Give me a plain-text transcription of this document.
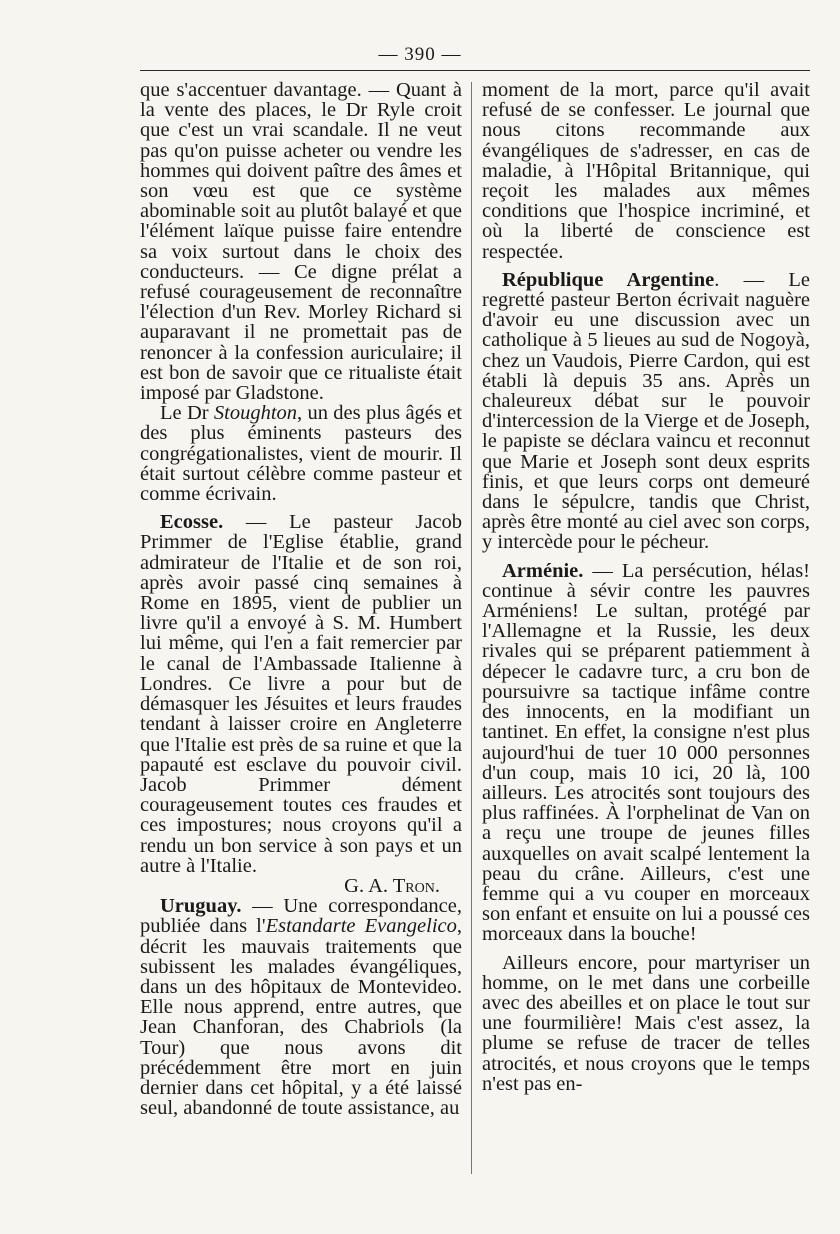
— 390 —

que s'accentuer davantage. — Quant à la vente des places, le Dr Ryle croit que c'est un vrai scandale. Il ne veut pas qu'on puisse acheter ou vendre les hommes qui doivent paître des âmes et son vœu est que ce système abominable soit au plutôt balayé et que l'élément laïque puisse faire entendre sa voix surtout dans le choix des conducteurs. — Ce digne prélat a refusé courageusement de reconnaître l'élection d'un Rev. Morley Richard si auparavant il ne promettait pas de renoncer à la confession auriculaire; il est bon de savoir que ce ritualiste était imposé par Gladstone.

Le Dr Stoughton, un des plus âgés et des plus éminents pasteurs des congrégationalistes, vient de mourir. Il était surtout célèbre comme pasteur et comme écrivain.

Ecosse. — Le pasteur Jacob Primmer de l'Eglise établie, grand admirateur de l'Italie et de son roi, après avoir passé cinq semaines à Rome en 1895, vient de publier un livre qu'il a envoyé à S. M. Humbert lui même, qui l'en a fait remercier par le canal de l'Ambassade Italienne à Londres. Ce livre a pour but de démasquer les Jésuites et leurs fraudes tendant à laisser croire en Angleterre que l'Italie est près de sa ruine et que la papauté est esclave du pouvoir civil. Jacob Primmer dément courageusement toutes ces fraudes et ces impostures; nous croyons qu'il a rendu un bon service à son pays et un autre à l'Italie.

G. A. Tron.

Uruguay. — Une correspondance, publiée dans l'Estandarte Evangelico, décrit les mauvais traitements que subissent les malades évangéliques, dans un des hôpitaux de Montevideo. Elle nous apprend, entre autres, que Jean Chanforan, des Chabriols (la Tour) que nous avons dit précédemment être mort en juin dernier dans cet hôpital, y a été laissé seul, abandonné de toute assistance, au

moment de la mort, parce qu'il avait refusé de se confesser. Le journal que nous citons recommande aux évangéliques de s'adresser, en cas de maladie, à l'Hôpital Britannique, qui reçoit les malades aux mêmes conditions que l'hospice incriminé, et où la liberté de conscience est respectée.

République Argentine. — Le regretté pasteur Berton écrivait naguère d'avoir eu une discussion avec un catholique à 5 lieues au sud de Nogoyà, chez un Vaudois, Pierre Cardon, qui est établi là depuis 35 ans. Après un chaleureux débat sur le pouvoir d'intercession de la Vierge et de Joseph, le papiste se déclara vaincu et reconnut que Marie et Joseph sont deux esprits finis, et que leurs corps ont demeuré dans le sépulcre, tandis que Christ, après être monté au ciel avec son corps, y intercède pour le pécheur.

Arménie. — La persécution, hélas! continue à sévir contre les pauvres Arméniens! Le sultan, protégé par l'Allemagne et la Russie, les deux rivales qui se préparent patiemment à dépecer le cadavre turc, a cru bon de poursuivre sa tactique infâme contre des innocents, en la modifiant un tantinet. En effet, la consigne n'est plus aujourd'hui de tuer 10 000 personnes d'un coup, mais 10 ici, 20 là, 100 ailleurs. Les atrocités sont toujours des plus raffinées. À l'orphelinat de Van on a reçu une troupe de jeunes filles auxquelles on avait scalpé lentement la peau du crâne. Ailleurs, c'est une femme qui a vu couper en morceaux son enfant et ensuite on lui a poussé ces morceaux dans la bouche!

Ailleurs encore, pour martyriser un homme, on le met dans une corbeille avec des abeilles et on place le tout sur une fourmilière! Mais c'est assez, la plume se refuse de tracer de telles atrocités, et nous croyons que le temps n'est pas en-
